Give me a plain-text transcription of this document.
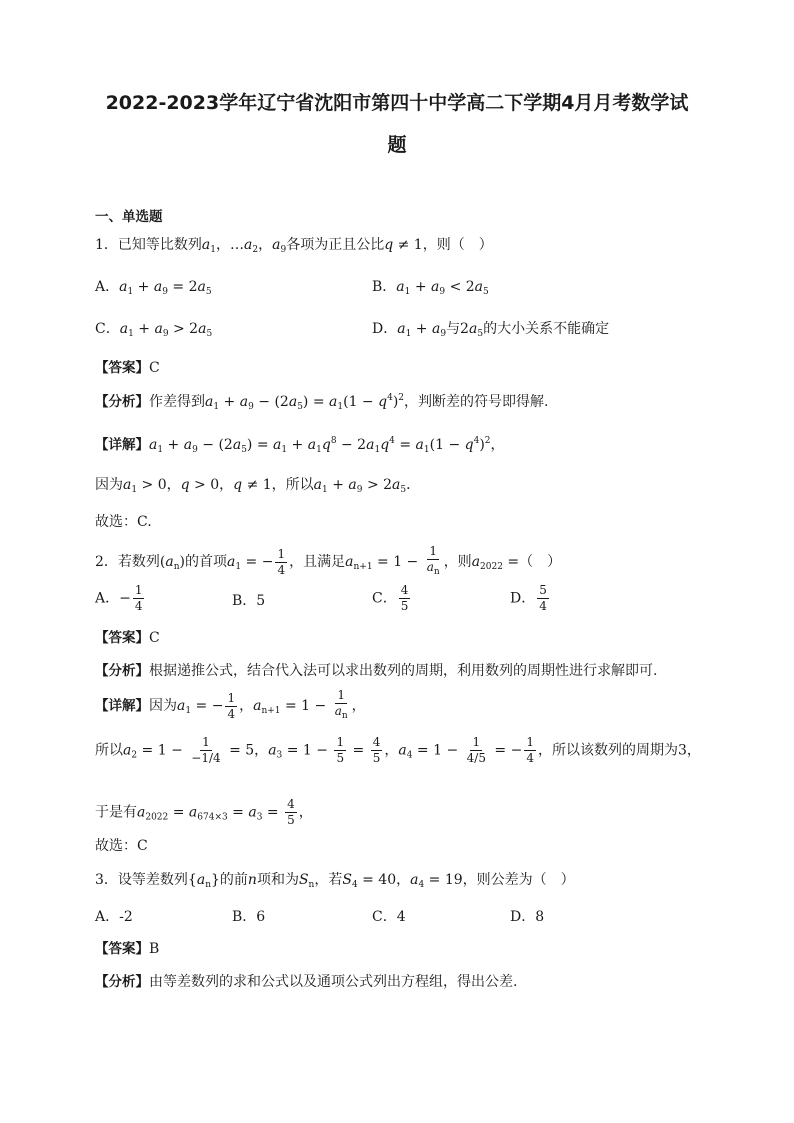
2022-2023学年辽宁省沈阳市第四十中学高二下学期4月月考数学试
题
一、单选题
1．已知等比数列$a_1$，$\dots a_2$，$a_9$各项为正且公比q ≠ 1，则（　）
A．$a_1 + a_9 = 2a_5$	B．$a_1 + a_9 < 2a_5$
C．$a_1 + a_9 > 2a_5$	D．$a_1 + a_9$与$2a_5$的大小关系不能确定
【答案】C
【分析】作差得到$a_1 + a_9 - (2a_5) = a_1(1 - q^4)^2$，判断差的符号即得解.
【详解】$a_1 + a_9 - (2a_5) = a_1 + a_1q^8 - 2a_1q^4 = a_1(1 - q^4)^2$，
因为$a_1 > 0$，q > 0，q ≠ 1，所以$a_1 + a_9 > 2a_5$．
故选：C.
2．若数列$(a_n)$的首项$a_1$ = − $\frac{1}{4}$ ，且满足$a_{n+1} = 1 - \frac{1}{a_n}$ ，则$a_{2022}$ =（　）
A．− $\frac{1}{4}$	B．5	C． $\frac{4}{5}$	D． $\frac{5}{4}$
【答案】C
【分析】根据递推公式，结合代入法可以求出数列的周期，利用数列的周期性进行求解即可.
【详解】因为$a_1$ = − $\frac{1}{4}$ ，$a_{n+1} = 1 - \frac{1}{a_n}$ ，
所以$a_2 = 1 - \frac{1}{-1/4} = 5$，$a_3 = 1 - \frac{1}{5} = \frac{4}{5}$ ，$a_4 = 1 - \frac{1}{4/5}$ = − $\frac{1}{4}$ ，所以该数列的周期为3，
于是有$a_{2022} = a_{674\times 3} = a_3 = \frac{4}{5}$ ，
故选：C
3．设等差数列$\{a_n\}$的前n项和为$S_n$，若$S_4 = 40$，$a_4 = 19$，则公差为（　）
A．-2	B．6	C．4	D．8
【答案】B
【分析】由等差数列的求和公式以及通项公式列出方程组，得出公差.
